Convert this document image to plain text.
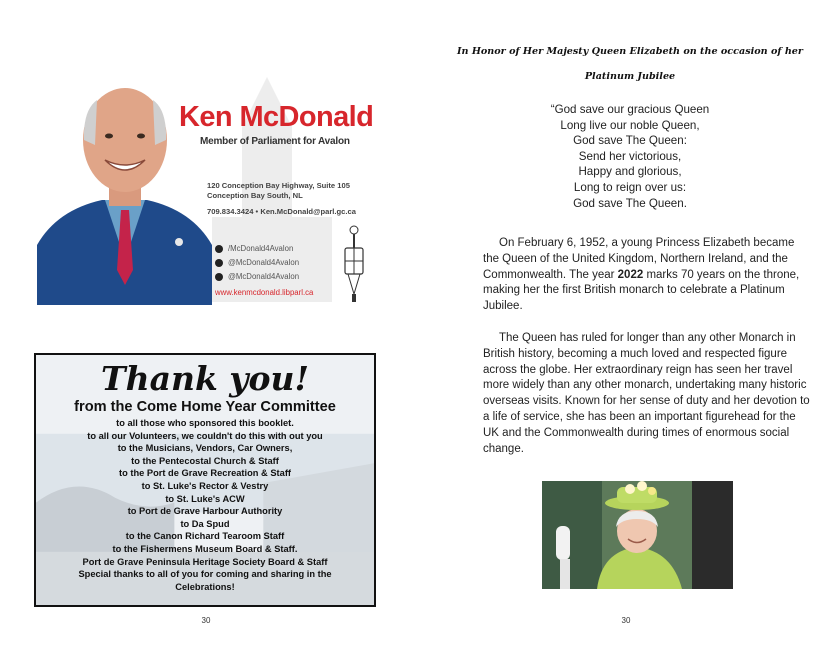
Ken McDonald
Member of Parliament for Avalon
120 Conception Bay Highway, Suite 105
Conception Bay South, NL
709.834.3424 • Ken.McDonald@parl.gc.ca
/McDonald4Avalon
@McDonald4Avalon
@McDonald4Avalon
www.kenmcdonald.libparl.ca
Thank you!
from the Come Home Year Committee
to all those who sponsored this booklet.
to all our Volunteers, we couldn't do this with out you
to the Musicians, Vendors, Car Owners,
to the Pentecostal Church & Staff
to the Port de Grave Recreation & Staff
to St. Luke's Rector & Vestry
to St. Luke's ACW
to Port de Grave Harbour Authority
to Da Spud
to the Canon Richard Tearoom Staff
to the Fishermens Museum Board & Staff.
Port de Grave Peninsula Heritage Society Board & Staff
Special thanks to all of you for coming and sharing in the
Celebrations!
30
In Honor of Her Majesty Queen Elizabeth on the occasion of her
Platinum Jubilee
“God save our gracious Queen
Long live our noble Queen,
God save The Queen:
Send her victorious,
Happy and glorious,
Long to reign over us:
God save The Queen.

On February 6, 1952, a young Princess Elizabeth became the Queen of the United Kingdom, Northern Ireland, and the Commonwealth. The year 2022 marks 70 years on the throne, making her the first British monarch to celebrate a Platinum Jubilee.

The Queen has ruled for longer than any other Monarch in British history, becoming a much loved and respected figure across the globe. Her extraordinary reign has seen her travel more widely than any other monarch, undertaking many historic overseas visits. Known for her sense of duty and her devotion to a life of service, she has been an important figurehead for the UK and the Commonwealth during times of enormous social change.

30
